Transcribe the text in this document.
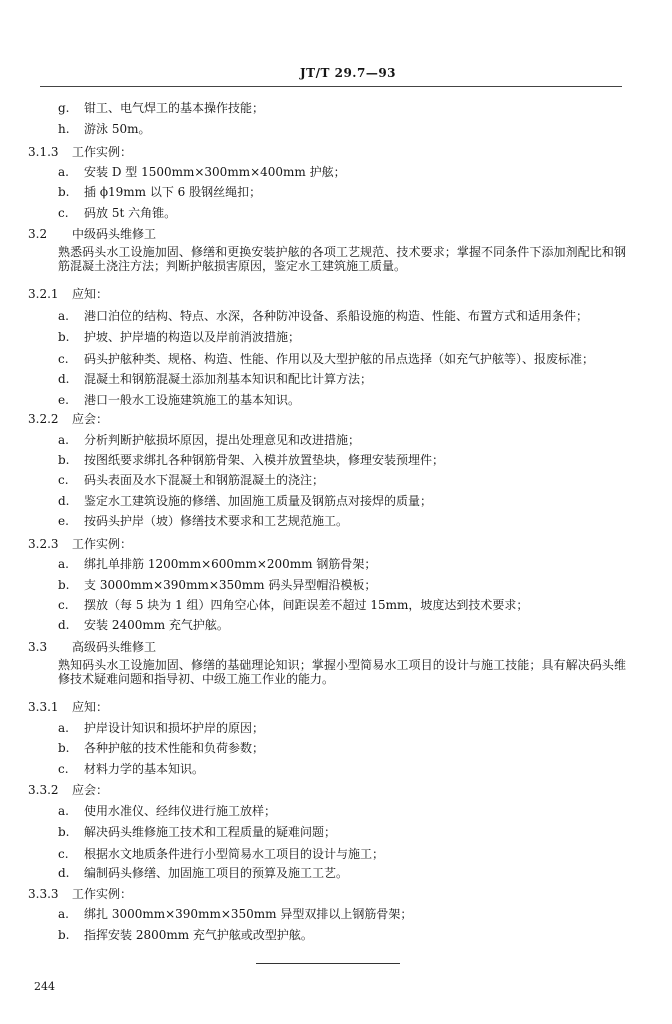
JT/T 29.7—93
g. 钳工、电气焊工的基本操作技能；
h. 游泳 50m。
3.1.3 工作实例：
a. 安装 D 型 1500mm×300mm×400mm 护舷；
b. 插 ϕ19mm 以下 6 股钢丝绳扣；
c. 码放 5t 六角锥。
3.2 中级码头维修工
熟悉码头水工设施加固、修缮和更换安装护舷的各项工艺规范、技术要求；掌握不同条件下添加剂配比和钢筋混凝土浇注方法；判断护舷损害原因，鉴定水工建筑施工质量。
3.2.1 应知：
a. 港口泊位的结构、特点、水深，各种防冲设备、系船设施的构造、性能、布置方式和适用条件；
b. 护坡、护岸墙的构造以及岸前消波措施；
c. 码头护舷种类、规格、构造、性能、作用以及大型护舷的吊点选择（如充气护舷等）、报废标准；
d. 混凝土和钢筋混凝土添加剂基本知识和配比计算方法；
e. 港口一般水工设施建筑施工的基本知识。
3.2.2 应会：
a. 分析判断护舷损坏原因，提出处理意见和改进措施；
b. 按图纸要求绑扎各种钢筋骨架、入模并放置垫块，修理安装预埋件；
c. 码头表面及水下混凝土和钢筋混凝土的浇注；
d. 鉴定水工建筑设施的修缮、加固施工质量及钢筋点对接焊的质量；
e. 按码头护岸（坡）修缮技术要求和工艺规范施工。
3.2.3 工作实例：
a. 绑扎单排筋 1200mm×600mm×200mm 钢筋骨架；
b. 支 3000mm×390mm×350mm 码头异型帽沿模板；
c. 摆放（每 5 块为 1 组）四角空心体，间距误差不超过 15mm，坡度达到技术要求；
d. 安装 2400mm 充气护舷。
3.3 高级码头维修工
熟知码头水工设施加固、修缮的基础理论知识；掌握小型简易水工项目的设计与施工技能；具有解决码头维修技术疑难问题和指导初、中级工施工作业的能力。
3.3.1 应知：
a. 护岸设计知识和损坏护岸的原因；
b. 各种护舷的技术性能和负荷参数；
c. 材料力学的基本知识。
3.3.2 应会：
a. 使用水准仪、经纬仪进行施工放样；
b. 解决码头维修施工技术和工程质量的疑难问题；
c. 根据水文地质条件进行小型简易水工项目的设计与施工；
d. 编制码头修缮、加固施工项目的预算及施工工艺。
3.3.3 工作实例：
a. 绑扎 3000mm×390mm×350mm 异型双排以上钢筋骨架；
b. 指挥安装 2800mm 充气护舷或改型护舷。
244
